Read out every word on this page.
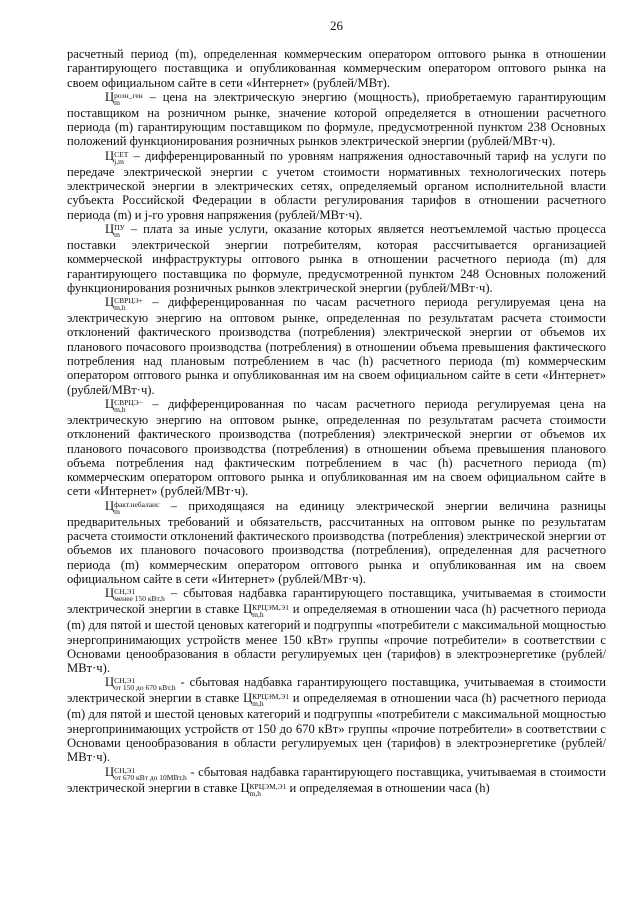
26

расчетный период (m), определенная коммерческим оператором оптового рынка в отношении гарантирующего поставщика и опубликованная коммерческим оператором оптового рынка на своем официальном сайте в сети «Интернет» (рублей/МВт).

Ц розн_ген
m	– цена на электрическую энергию (мощность), приобретаемую гарантирующим поставщиком на розничном рынке, значение которой определяется в отношении расчетного периода (m) гарантирующим поставщиком по формуле, предусмотренной пунктом 238 Основных положений функционирования розничных рынков электрической энергии (рублей/МВт·ч).

Ц СЕТ
j,m – дифференцированный по уровням напряжения одноставочный тариф на услуги по передаче электрической энергии с учетом стоимости нормативных технологических потерь электрической энергии в электрических сетях, определяемый органом исполнительной власти субъекта Российской Федерации в области регулирования тарифов в отношении расчетного периода (m) и j-го уровня напряжения (рублей/МВт·ч).

Ц ПУ
m – плата за иные услуги, оказание которых является неотъемлемой частью процесса поставки электрической энергии потребителям, которая рассчитывается организацией коммерческой инфраструктуры оптового рынка в отношении расчетного периода (m) для гарантирующего поставщика по формуле, предусмотренной пунктом 248 Основных положений функционирования розничных рынков электрической энергии (рублей/МВт·ч).

Ц СВРЦЭ+
m,h	– дифференцированная по часам расчетного периода регулируемая цена на электрическую энергию на оптовом рынке, определенная по результатам расчета стоимости отклонений фактического производства (потребления) электрической энергии от объемов их планового почасового производства (потребления) в отношении объема превышения фактического потребления над плановым потреблением в час (h) расчетного периода (m) коммерческим оператором оптового рынка и опубликованная им на своем официальном сайте в сети «Интернет» (рублей/МВт·ч).

Ц СВРЦЭ−
m,h	– дифференцированная по часам расчетного периода регулируемая цена на электрическую энергию на оптовом рынке, определенная по результатам расчета стоимости отклонений фактического производства (потребления) электрической энергии от объемов их планового почасового производства (потребления) в отношении объема превышения планового объема потребления над фактическим потреблением в час (h) расчетного периода (m) коммерческим оператором оптового рынка и опубликованная им на своем официальном сайте в сети «Интернет» (рублей/МВт·ч).

Ц факт.небаланс
m	– приходящаяся на единицу электрической энергии величина разницы предварительных требований и обязательств, рассчитанных на оптовом рынке по результатам расчета стоимости отклонений фактического производства (потребления) электрической энергии от объемов их планового почасового производства (потребления), определенная для расчетного периода (m) коммерческим оператором оптового рынка и опубликованная им на своем официальном сайте в сети «Интернет» (рублей/МВт·ч).

Ц СН,Э1
менее 150 кВт,h – сбытовая надбавка гарантирующего поставщика, учитываемая в стоимости электрической энергии в ставке Ц КРЦЭМ,Э1
m,h	и определяемая в отношении часа (h) расчетного периода (m) для пятой и шестой ценовых категорий и подгруппы «потребители с максимальной мощностью энергопринимающих устройств менее 150 кВт» группы «прочие потребители» в соответствии с Основами ценообразования в области регулируемых цен (тарифов) в электроэнергетике (рублей/МВт·ч).

Ц СН,Э1
от 150 до 670 кВт,h - сбытовая надбавка гарантирующего поставщика, учитываемая в стоимости электрической энергии в ставке Ц КРЦЭМ,Э1
m,h	и определяемая в отношении часа (h) расчетного периода (m) для пятой и шестой ценовых категорий и подгруппы «потребители с максимальной мощностью энергопринимающих устройств от 150 до 670 кВт» группы «прочие потребители» в соответствии с Основами ценообразования в области регулируемых цен (тарифов) в электроэнергетике (рублей/МВт·ч).

Ц СН,Э1
от 670 кВт до 10МВт,h - сбытовая надбавка гарантирующего поставщика, учитываемая в стоимости электрической энергии в ставке Ц КРЦЭМ,Э1
m,h	и определяемая в отношении часа (h)
